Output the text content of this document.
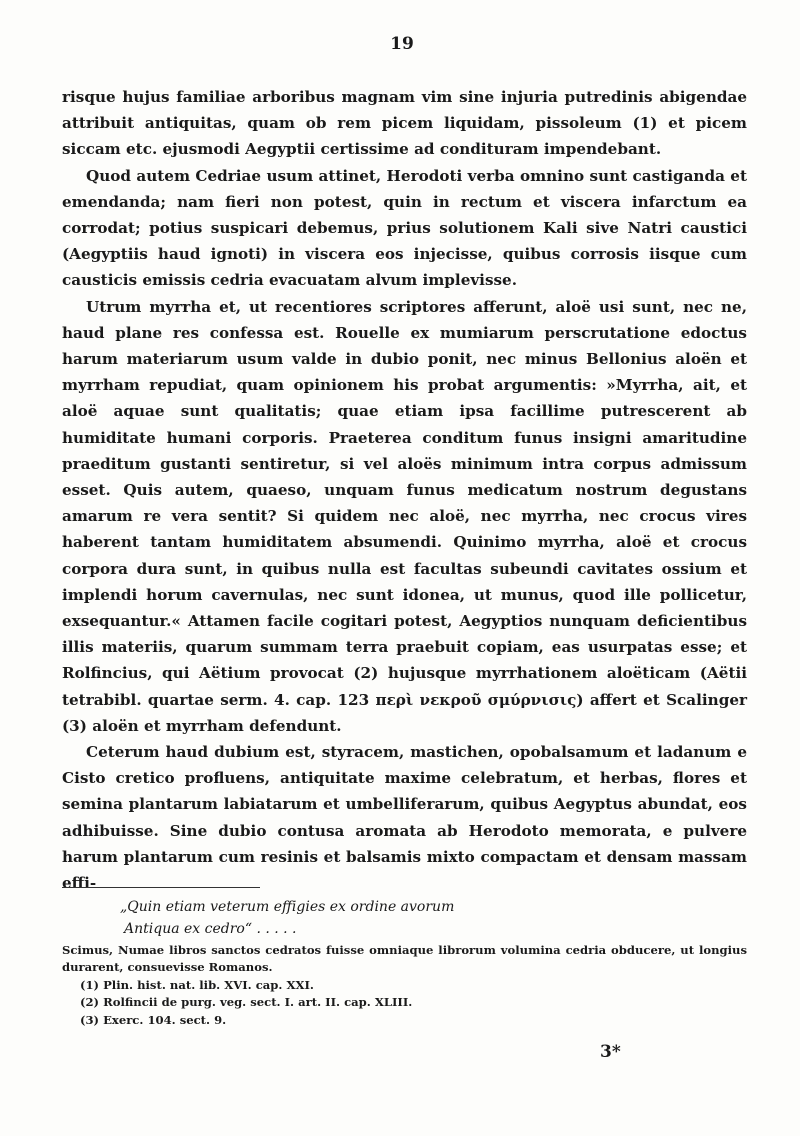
19

risque hujus familiae arboribus magnam vim sine injuria putredinis abigendae attribuit antiquitas, quam ob rem picem liquidam, pissoleum (1) et picem siccam etc. ejusmodi Aegyptii certissime ad condituram impendebant.

Quod autem Cedriae usum attinet, Herodoti verba omnino sunt castiganda et emendanda; nam fieri non potest, quin in rectum et viscera infarctum ea corrodat; potius suspicari debemus, prius solutionem Kali sive Natri caustici (Aegyptiis haud ignoti) in viscera eos injecisse, quibus corrosis iisque cum causticis emissis cedria evacuatam alvum implevisse.

Utrum myrrha et, ut recentiores scriptores afferunt, aloë usi sunt, nec ne, haud plane res confessa est. Rouelle ex mumiarum perscrutatione edoctus harum materiarum usum valde in dubio ponit, nec minus Bellonius aloën et myrrham repudiat, quam opinionem his probat argumentis: »Myrrha, ait, et aloë aquae sunt qualitatis; quae etiam ipsa facillime putrescerent ab humiditate humani corporis. Praeterea conditum funus insigni amaritudine praeditum gustanti sentiretur, si vel aloës minimum intra corpus admissum esset. Quis autem, quaeso, unquam funus medicatum nostrum degustans amarum re vera sentit? Si quidem nec aloë, nec myrrha, nec crocus vires haberent tantam humiditatem absumendi. Quinimo myrrha, aloë et crocus corpora dura sunt, in quibus nulla est facultas subeundi cavitates ossium et implendi horum cavernulas, nec sunt idonea, ut munus, quod ille pollicetur, exsequantur.« Attamen facile cogitari potest, Aegyptios nunquam deficientibus illis materiis, quarum summam terra praebuit copiam, eas usurpatas esse; et Rolfincius, qui Aëtium provocat (2) hujusque myrrhationem aloëticam (Aëtii tetrabibl. quartae serm. 4. cap. 123 περὶ νεκροῦ σμύρνισις) affert et Scalinger (3) aloën et myrrham defendunt.

Ceterum haud dubium est, styracem, mastichen, opobalsamum et ladanum e Cisto cretico profluens, antiquitate maxime celebratum, et herbas, flores et semina plantarum labiatarum et umbelliferarum, quibus Aegyptus abundat, eos adhibuisse. Sine dubio contusa aromata ab Herodoto memorata, e pulvere harum plantarum cum resinis et balsamis mixto compactam et densam massam effi-

„Quin etiam veterum effigies ex ordine avorum
Antiqua ex cedro“ . . . . .

Scimus, Numae libros sanctos cedratos fuisse omniaque librorum volumina cedria obducere, ut longius durarent, consuevisse Romanos.

(1) Plin. hist. nat. lib. XVI. cap. XXI.

(2) Rolfincii de purg. veg. sect. I. art. II. cap. XLIII.

(3) Exerc. 104. sect. 9.

3*
